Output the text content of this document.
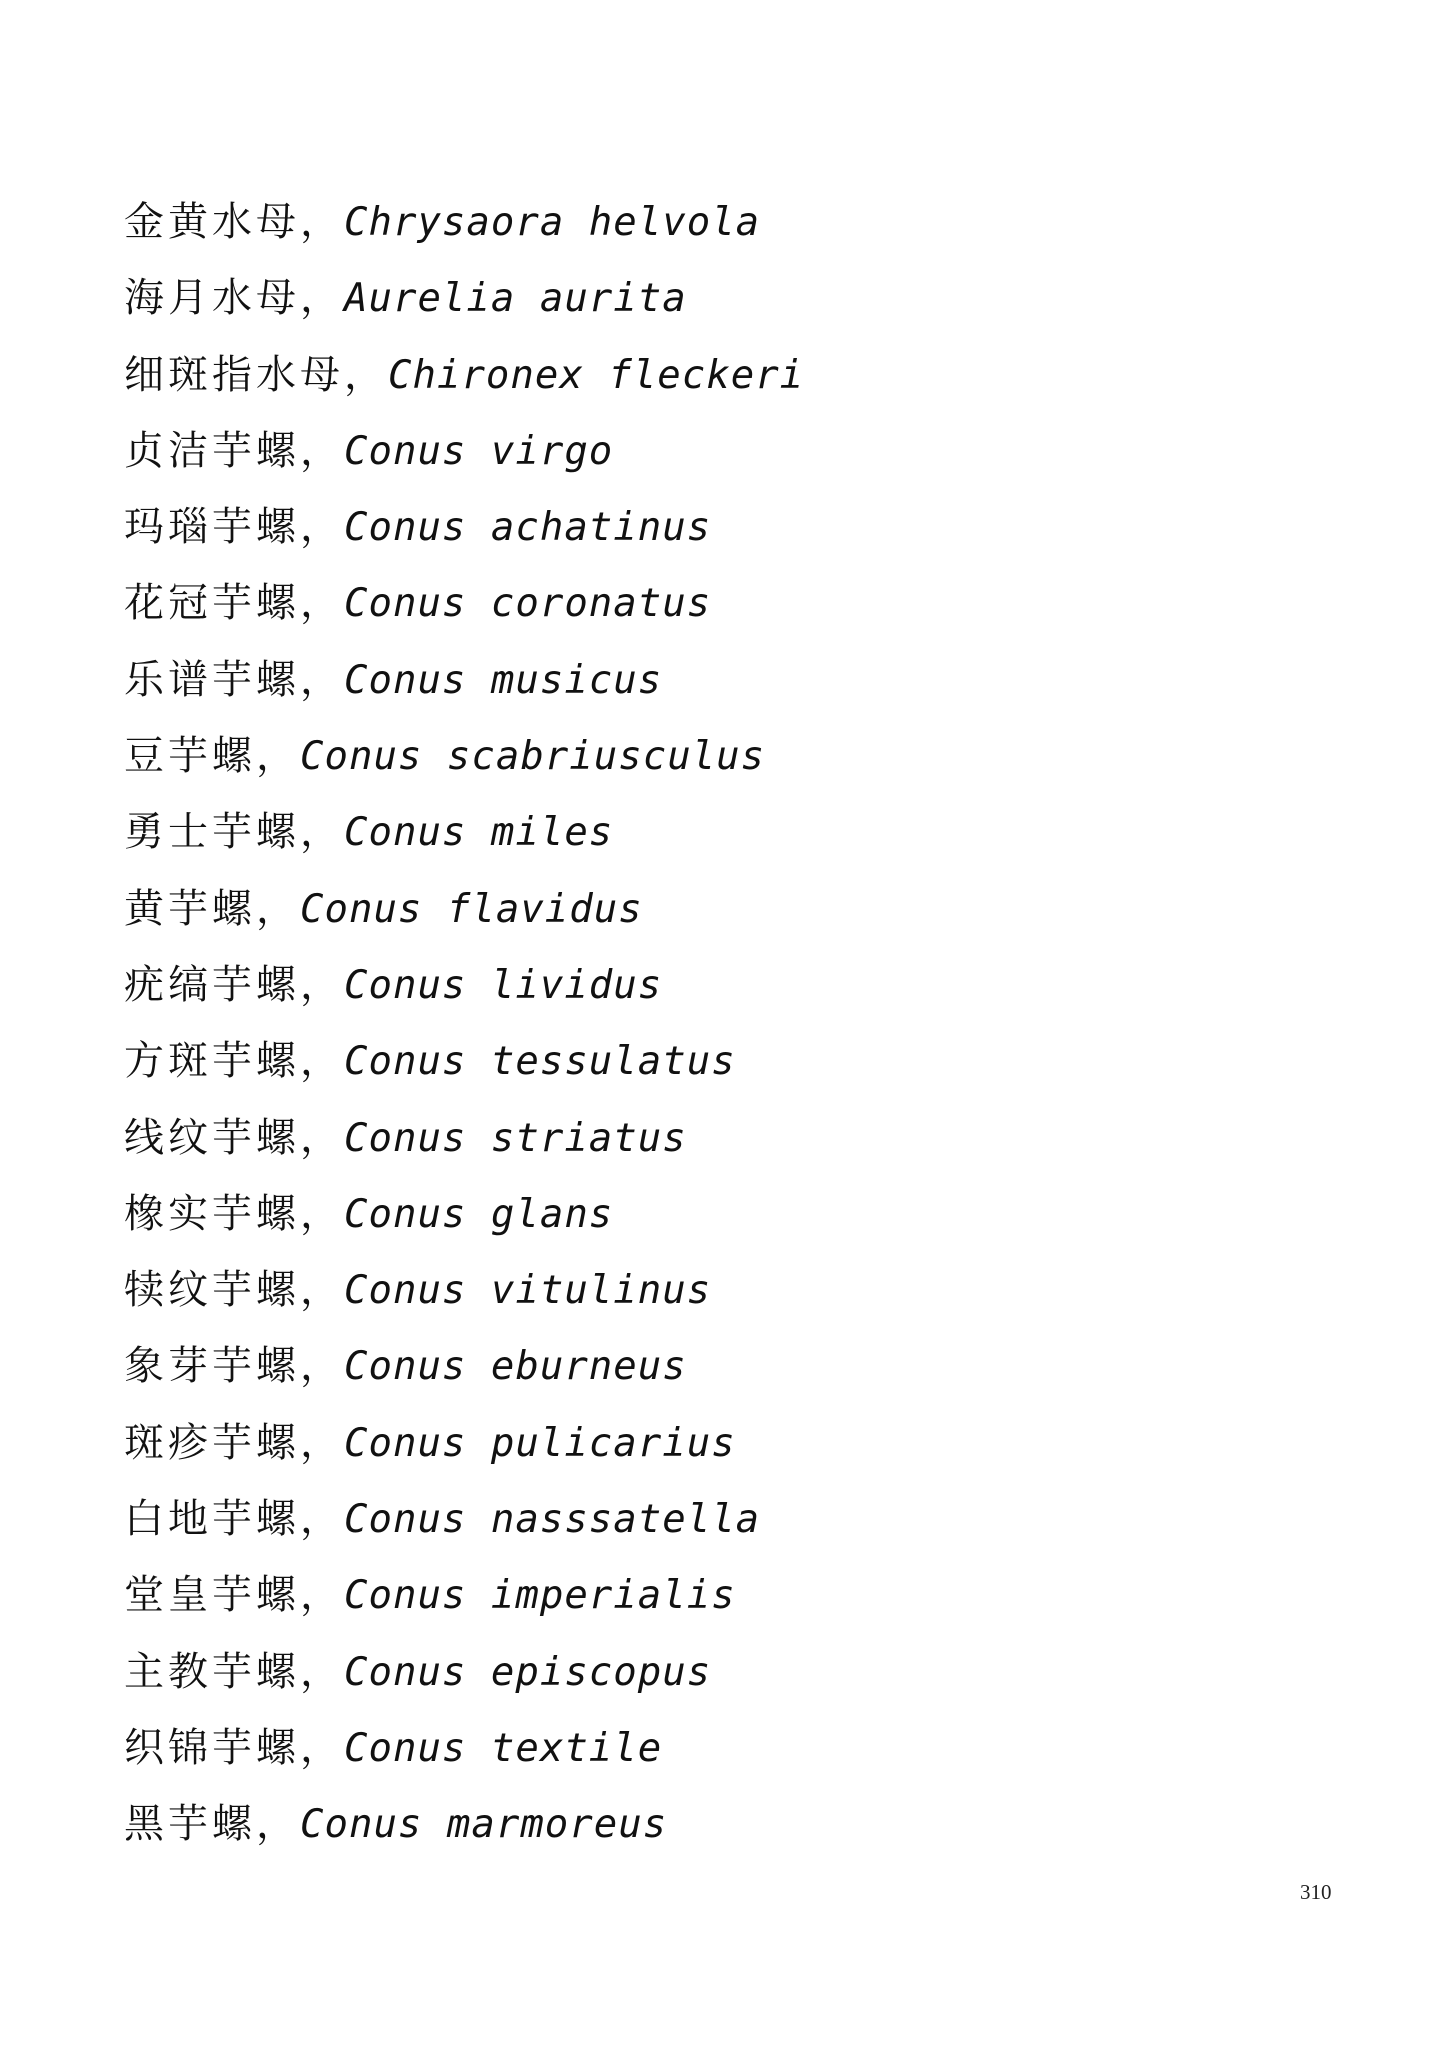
金黄水母，Chrysaora helvola
海月水母，Aurelia aurita
细斑指水母，Chironex fleckeri
贞洁芋螺，Conus virgo
玛瑙芋螺，Conus achatinus
花冠芋螺，Conus coronatus
乐谱芋螺，Conus musicus
豆芋螺，Conus scabriusculus
勇士芋螺，Conus miles
黄芋螺，Conus flavidus
疣缟芋螺，Conus lividus
方斑芋螺，Conus tessulatus
线纹芋螺，Conus striatus
橡实芋螺，Conus glans
犊纹芋螺，Conus vitulinus
象芽芋螺，Conus eburneus
斑疹芋螺，Conus pulicarius
白地芋螺，Conus nasssatella
堂皇芋螺，Conus imperialis
主教芋螺，Conus episcopus
织锦芋螺，Conus textile
黑芋螺，Conus marmoreus
310
